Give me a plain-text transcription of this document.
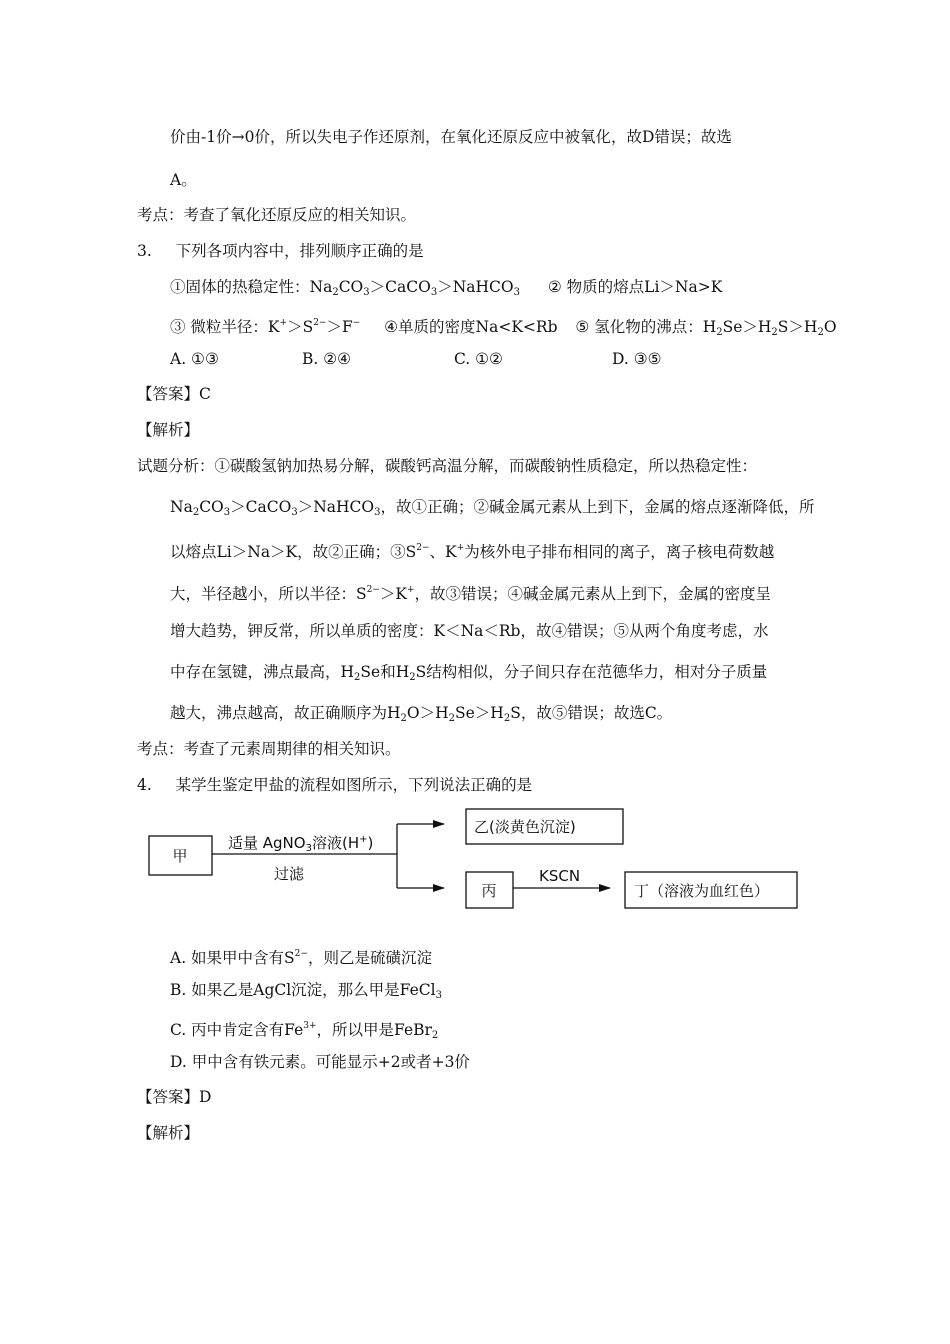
价由-1价→0价，所以失电子作还原剂，在氧化还原反应中被氧化，故D错误；故选
A。
考点：考查了氧化还原反应的相关知识。
3. 下列各项内容中，排列顺序正确的是
①固体的热稳定性：$Na_2CO_3>CaCO_3>NaHCO_3$ ② 物质的熔点Li＞Na>K
③ 微粒半径：$K^+>S^{2-}>F^-$ ④单质的密度Na<K<Rb ⑤ 氢化物的沸点：$H_2Se>H_2S>H_2O$
A. ①③	B. ②④	C. ①②	D. ③⑤
【答案】C
【解析】
试题分析：①碳酸氢钠加热易分解，碳酸钙高温分解，而碳酸钠性质稳定，所以热稳定性：
$Na_2CO_3>CaCO_3>NaHCO_3$，故①正确；②碱金属元素从上到下，金属的熔点逐渐降低，所
以熔点Li＞Na＞K，故②正确；$③S^{2-}$、K+为核外电子排布相同的离子，离子核电荷数越
大，半径越小，所以半径：$S^{2-}>K^+$，故③错误；④碱金属元素从上到下，金属的密度呈
增大趋势，钾反常，所以单质的密度：K＜Na＜Rb，故④错误；⑤从两个角度考虑，水
中存在氢键，沸点最高，$H_2Se$和$H_2S$结构相似，分子间只存在范德华力，相对分子质量
越大，沸点越高，故正确顺序为$H_2O>H_2Se>H_2S$，故⑤错误；故选C。
考点：考查了元素周期律的相关知识。
4. 某学生鉴定甲盐的流程如图所示，下列说法正确的是
甲
适量 AgNO$_3$溶液(H+)
过滤
乙(淡黄色沉淀)
丙
KSCN
丁（溶液为血红色）
A. 如果甲中含有$S^{2-}$，则乙是硫磺沉淀
B. 如果乙是AgCl沉淀，那么甲是FeCl$_3$
C. 丙中肯定含有$Fe^{3+}$，所以甲是FeBr$_2$
D. 甲中含有铁元素。可能显示+2或者+3价
【答案】D
【解析】
